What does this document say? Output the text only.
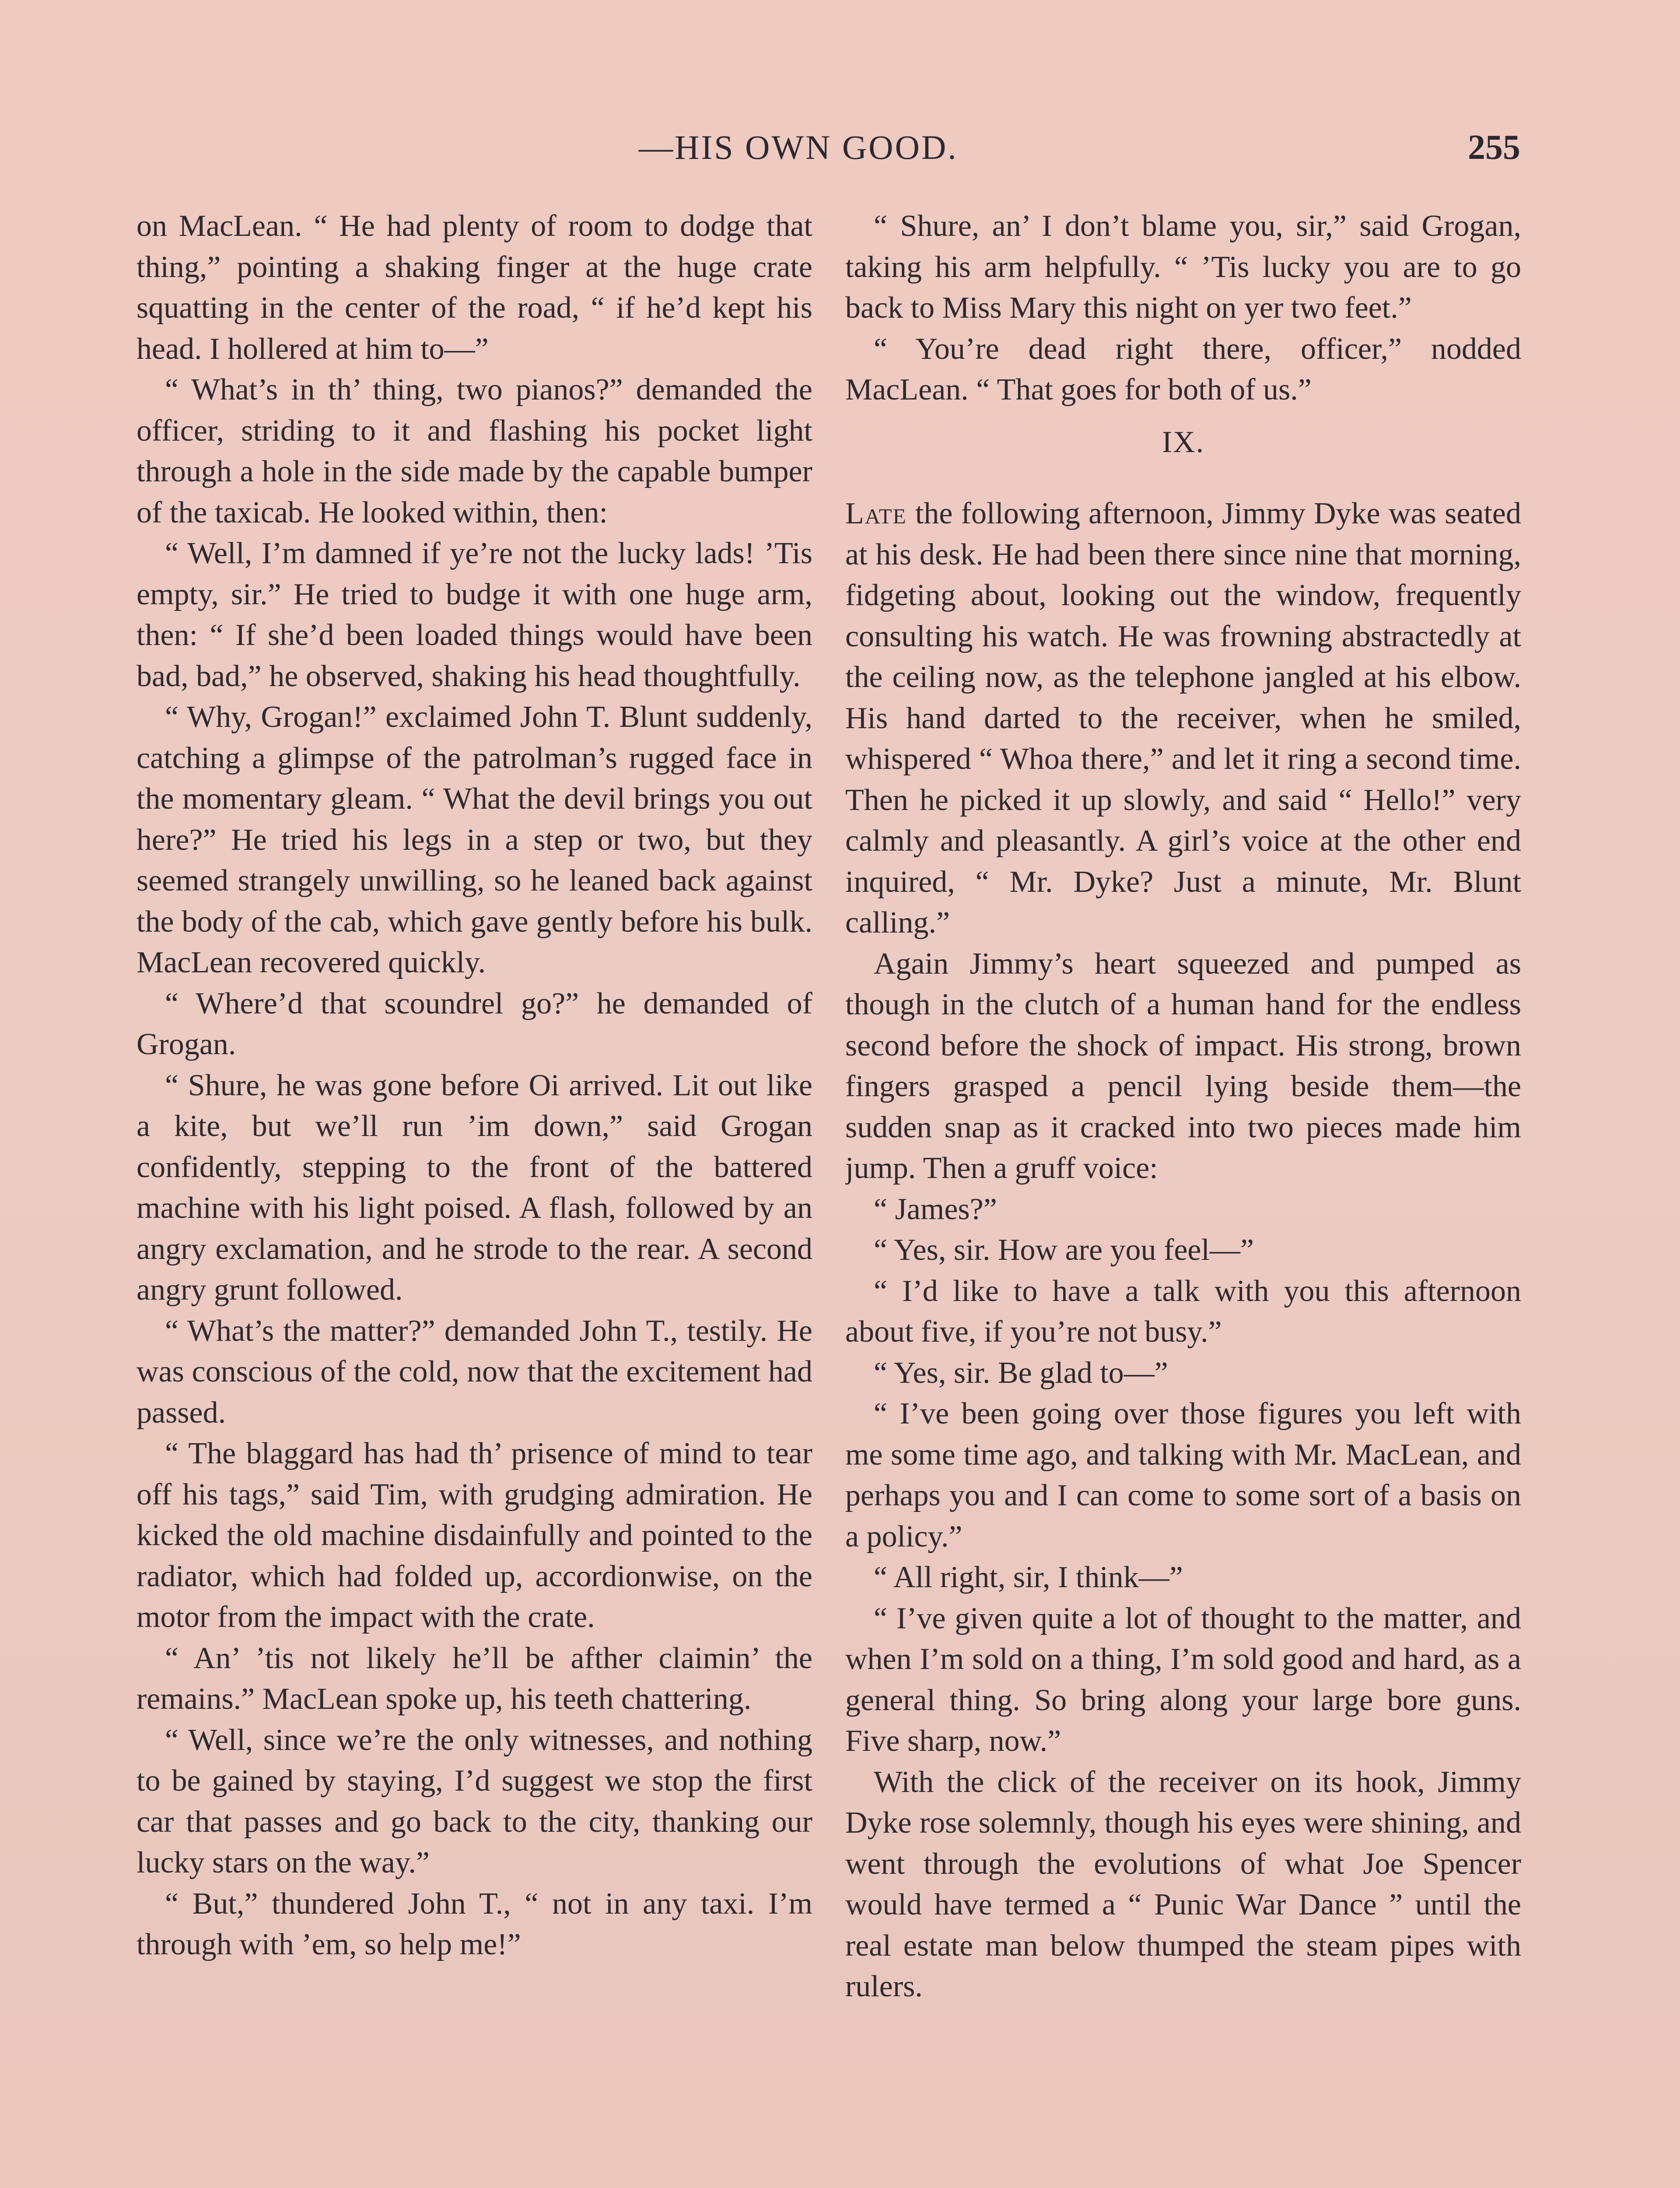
—HIS OWN GOOD.	255

on MacLean. “ He had plenty of room to dodge that thing,” pointing a shaking finger at the huge crate squatting in the center of the road, “ if he’d kept his head. I hollered at him to—”

“ What’s in th’ thing, two pianos?” demanded the officer, striding to it and flashing his pocket light through a hole in the side made by the capable bumper of the taxicab. He looked within, then:

“ Well, I’m damned if ye’re not the lucky lads! ’Tis empty, sir.” He tried to budge it with one huge arm, then: “ If she’d been loaded things would have been bad, bad,” he observed, shaking his head thoughtfully.

“ Why, Grogan!” exclaimed John T. Blunt suddenly, catching a glimpse of the patrolman’s rugged face in the momentary gleam. “ What the devil brings you out here?” He tried his legs in a step or two, but they seemed strangely unwilling, so he leaned back against the body of the cab, which gave gently before his bulk. MacLean recovered quickly.

“ Where’d that scoundrel go?” he demanded of Grogan.

“ Shure, he was gone before Oi arrived. Lit out like a kite, but we’ll run ’im down,” said Grogan confidently, stepping to the front of the battered machine with his light poised. A flash, followed by an angry exclamation, and he strode to the rear. A second angry grunt followed.

“ What’s the matter?” demanded John T., testily. He was conscious of the cold, now that the excitement had passed.

“ The blaggard has had th’ prisence of mind to tear off his tags,” said Tim, with grudging admiration. He kicked the old machine disdainfully and pointed to the radiator, which had folded up, accordionwise, on the motor from the impact with the crate.

“ An’ ’tis not likely he’ll be afther claimin’ the remains.” MacLean spoke up, his teeth chattering.

“ Well, since we’re the only witnesses, and nothing to be gained by staying, I’d suggest we stop the first car that passes and go back to the city, thanking our lucky stars on the way.”

“ But,” thundered John T., “ not in any taxi. I’m through with ’em, so help me!”

“ Shure, an’ I don’t blame you, sir,” said Grogan, taking his arm helpfully. “ ’Tis lucky you are to go back to Miss Mary this night on yer two feet.”

“ You’re dead right there, officer,” nodded MacLean. “ That goes for both of us.”

IX.

Late the following afternoon, Jimmy Dyke was seated at his desk. He had been there since nine that morning, fidgeting about, looking out the window, frequently consulting his watch. He was frowning abstractedly at the ceiling now, as the telephone jangled at his elbow. His hand darted to the receiver, when he smiled, whispered “ Whoa there,” and let it ring a second time. Then he picked it up slowly, and said “ Hello!” very calmly and pleasantly. A girl’s voice at the other end inquired, “ Mr. Dyke? Just a minute, Mr. Blunt calling.”

Again Jimmy’s heart squeezed and pumped as though in the clutch of a human hand for the endless second before the shock of impact. His strong, brown fingers grasped a pencil lying beside them—the sudden snap as it cracked into two pieces made him jump. Then a gruff voice:

“ James?”

“ Yes, sir. How are you feel—”

“ I’d like to have a talk with you this afternoon about five, if you’re not busy.”

“ Yes, sir. Be glad to—”

“ I’ve been going over those figures you left with me some time ago, and talking with Mr. MacLean, and perhaps you and I can come to some sort of a basis on a policy.”

“ All right, sir, I think—”

“ I’ve given quite a lot of thought to the matter, and when I’m sold on a thing, I’m sold good and hard, as a general thing. So bring along your large bore guns. Five sharp, now.”

With the click of the receiver on its hook, Jimmy Dyke rose solemnly, though his eyes were shining, and went through the evolutions of what Joe Spencer would have termed a “ Punic War Dance ” until the real estate man below thumped the steam pipes with rulers.
